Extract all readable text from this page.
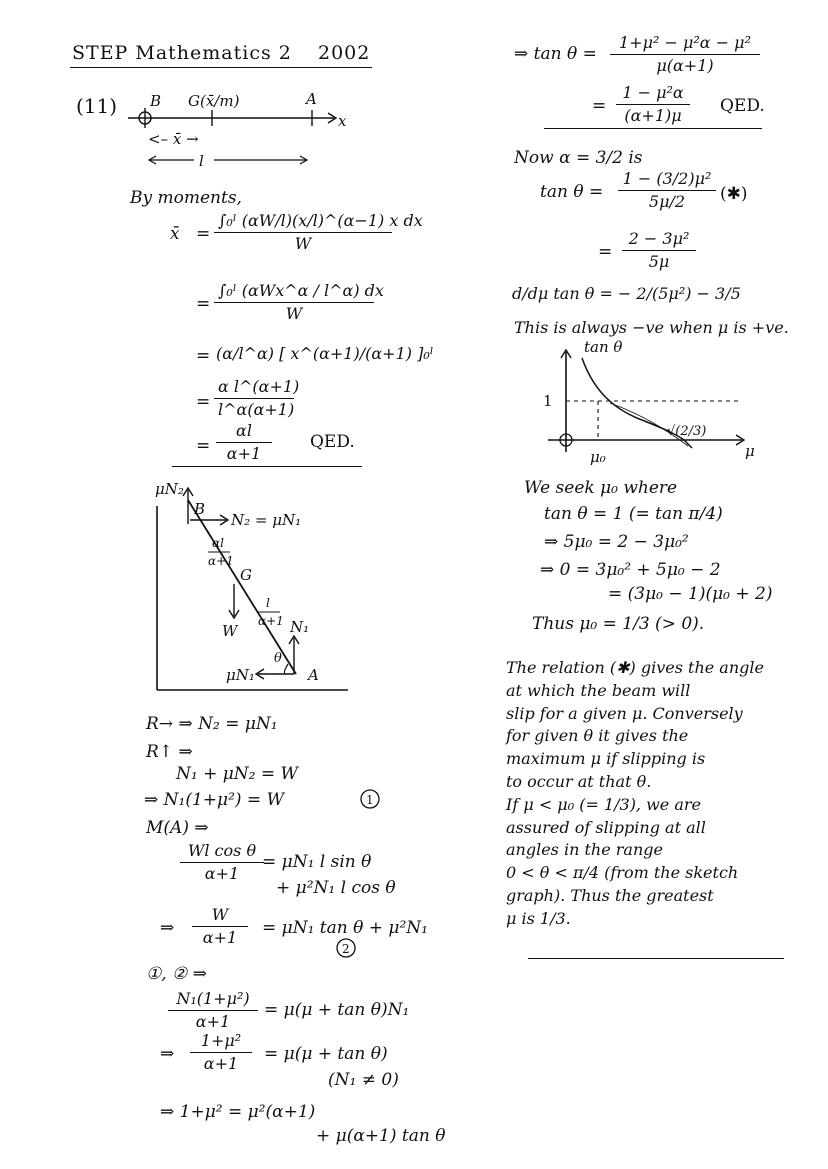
STEP Mathematics 2 2002
(11) B G(x̄/m)	A
x
<– x̄ →
l
μN₂
B
N₂ = μN₁
αl
α+1
G
l
α+1
W	N₁
θ
μN₁	A
1
2
tan θ
1
μ₀
√(2/3)
μ
By moments,
x̄ = $\frac{\text{∫₀ˡ (αW/l)(x/l)\textasciicircum{}(α−1) x dx}}{W}$
=
∫₀ˡ (αWx^α / l^α) dx
W
= (α/l^α) [ x^(α+1)/(α+1) ]₀ˡ
= $\frac{\text{α l\textasciicircum{}(α+1)}}{l\^{}\alpha(\alpha+1)}$
= $\frac{\alpha l}{\alpha+1}$ QED.
R→ ⇒ N₂ = μN₁
R↑ ⇒
N₁ + μN₂ = W
⇒ N₁(1+μ²) = W
M(A) ⇒
$\frac{\text{Wl cos θ}}{\alpha+1}$
= μN₁ l sin θ
+ μ²N₁ l cos θ
⇒ $\frac{W}{\alpha+1} = \mu N_1$ tan θ + μ²N₁
①, ② ⇒
$\frac{\text{N₁(1+μ²)}}{\alpha+1} = \mu(\mu + \tan \theta)N_1$
⇒ $\frac{\text{1+μ²}}{\alpha+1} = \mu(\mu + \tan \theta)$
(N₁ ≠ 0)
⇒ 1+μ² = μ²(α+1)
+ μ(α+1) tan θ
⇒ $\tan \theta = \frac{\text{1+μ² − μ²α − μ²}}{\mu(\alpha+1)}$
= $\frac{\text{1 − μ²α}}{(\alpha+1)\mu}$ QED.
Now α = 3/2 is
$\tan \theta = \frac{\text{1 − (3/2)μ²}}{5\mu/2}$ (✱)
= $\frac{\text{2 − 3μ²}}{5\mu}$
d/dμ tan θ = − 2/(5μ²) − 3/5
This is always −ve when μ is +ve.
We seek μ₀ where
tan θ = 1 (= tan π/4)
⇒ 5μ₀ = 2 − 3μ₀²
⇒ 0 = 3μ₀² + 5μ₀ − 2
= (3μ₀ − 1)(μ₀ + 2)
Thus μ₀ = 1/3 (> 0).
The relation (✱) gives the angle
at which the beam will
slip for a given μ. Conversely
for given θ it gives the
maximum μ if slipping is
to occur at that θ.
If μ < μ₀ (= 1/3), we are
assured of slipping at all
angles in the range
0 < θ < π/4 (from the sketch
graph). Thus the greatest
μ is 1/3.
